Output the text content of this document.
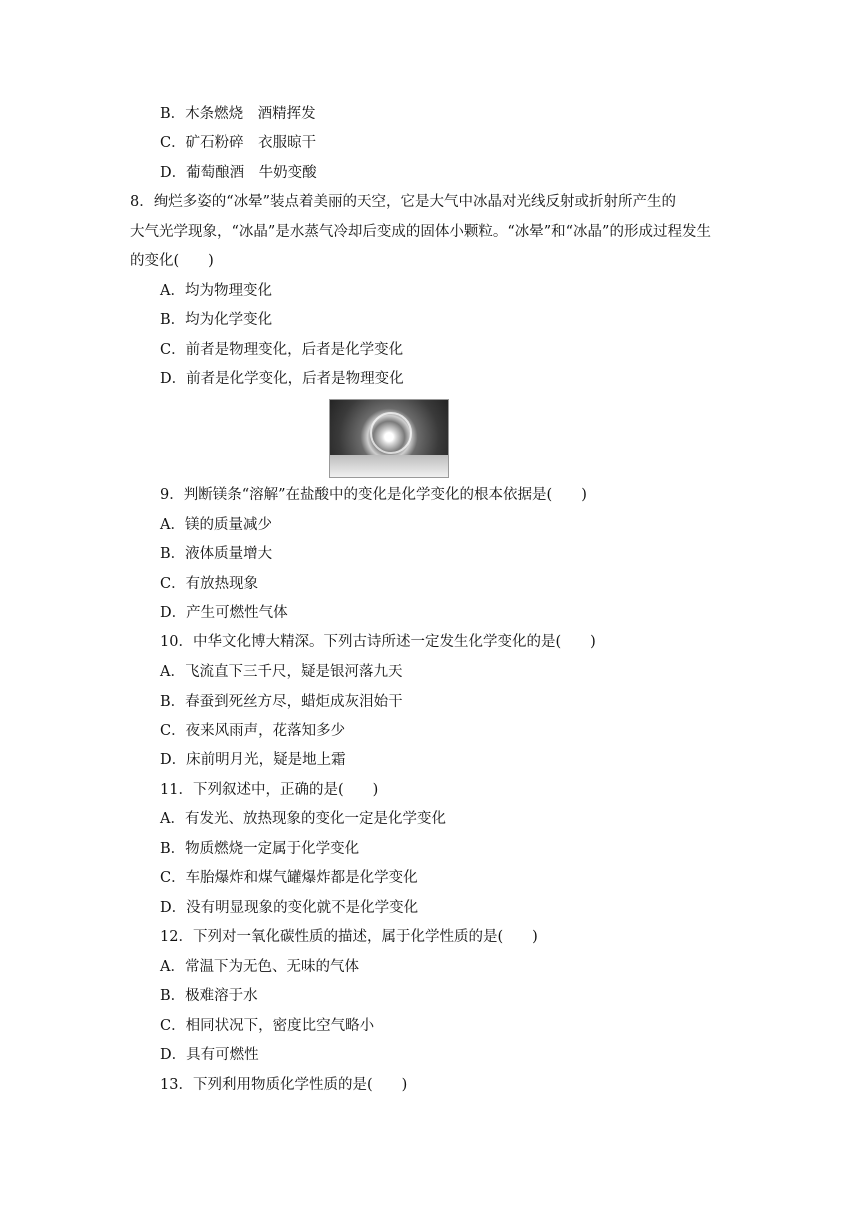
B．木条燃烧　酒精挥发
C．矿石粉碎　衣服晾干
D．葡萄酿酒　牛奶变酸
8．绚烂多姿的“冰晕”装点着美丽的天空，它是大气中冰晶对光线反射或折射所产生的
大气光学现象，“冰晶”是水蒸气冷却后变成的固体小颗粒。“冰晕”和“冰晶”的形成过程发生
的变化(　　)
A．均为物理变化
B．均为化学变化
C．前者是物理变化，后者是化学变化
D．前者是化学变化，后者是物理变化
9．判断镁条“溶解”在盐酸中的变化是化学变化的根本依据是(　　)
A．镁的质量减少
B．液体质量增大
C．有放热现象
D．产生可燃性气体
10．中华文化博大精深。下列古诗所述一定发生化学变化的是(　　)
A．飞流直下三千尺，疑是银河落九天
B．春蚕到死丝方尽，蜡炬成灰泪始干
C．夜来风雨声，花落知多少
D．床前明月光，疑是地上霜
11．下列叙述中，正确的是(　　)
A．有发光、放热现象的变化一定是化学变化
B．物质燃烧一定属于化学变化
C．车胎爆炸和煤气罐爆炸都是化学变化
D．没有明显现象的变化就不是化学变化
12．下列对一氧化碳性质的描述，属于化学性质的是(　　)
A．常温下为无色、无味的气体
B．极难溶于水
C．相同状况下，密度比空气略小
D．具有可燃性
13．下列利用物质化学性质的是(　　)
